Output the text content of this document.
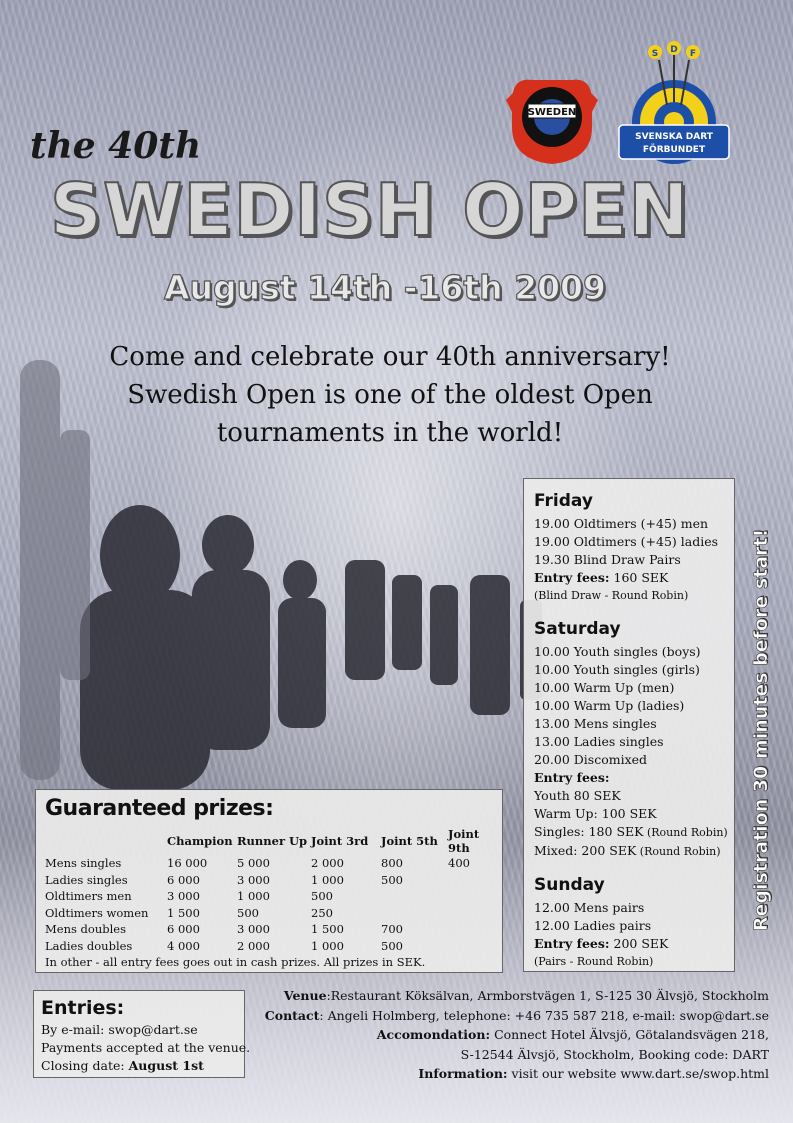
SWEDEN
S D F
SVENSKA DART
FÖRBUNDET
the 40th
SWEDISH OPEN
August 14th -16th 2009
Come and celebrate our 40th anniversary!
Swedish Open is one of the oldest Open
tournaments in the world!
Friday
19.00 Oldtimers (+45) men
19.00 Oldtimers (+45) ladies
19.30 Blind Draw Pairs
Entry fees: 160 SEK
(Blind Draw - Round Robin)
Saturday
10.00 Youth singles (boys)
10.00 Youth singles (girls)
10.00 Warm Up (men)
10.00 Warm Up (ladies)
13.00 Mens singles
13.00 Ladies singles
20.00 Discomixed
Entry fees:
Youth 80 SEK
Warm Up: 100 SEK
Singles: 180 SEK (Round Robin)
Mixed: 200 SEK (Round Robin)
Sunday
12.00 Mens pairs
12.00 Ladies pairs
Entry fees: 200 SEK
(Pairs - Round Robin)
Registration 30 minutes before start!
Guaranteed prizes:
	Champion	Runner Up	Joint 3rd	Joint 5th	Joint 9th
Mens singles	16 000	5 000	2 000	800	400
Ladies singles	6 000	3 000	1 000	500	
Oldtimers men	3 000	1 000	500		
Oldtimers women	1 500	500	250		
Mens doubles	6 000	3 000	1 500	700	
Ladies doubles	4 000	2 000	1 000	500	
In other - all entry fees goes out in cash prizes. All prizes in SEK.
Entries:
By e-mail: swop@dart.se
Payments accepted at the venue.
Closing date: August 1st
Venue:Restaurant Köksälvan, Armborstvägen 1, S-125 30 Älvsjö, Stockholm
Contact: Angeli Holmberg, telephone: +46 735 587 218, e-mail: swop@dart.se
Accomondation: Connect Hotel Älvsjö, Götalandsvägen 218,
S-12544 Älvsjö, Stockholm, Booking code: DART
Information: visit our website www.dart.se/swop.html
